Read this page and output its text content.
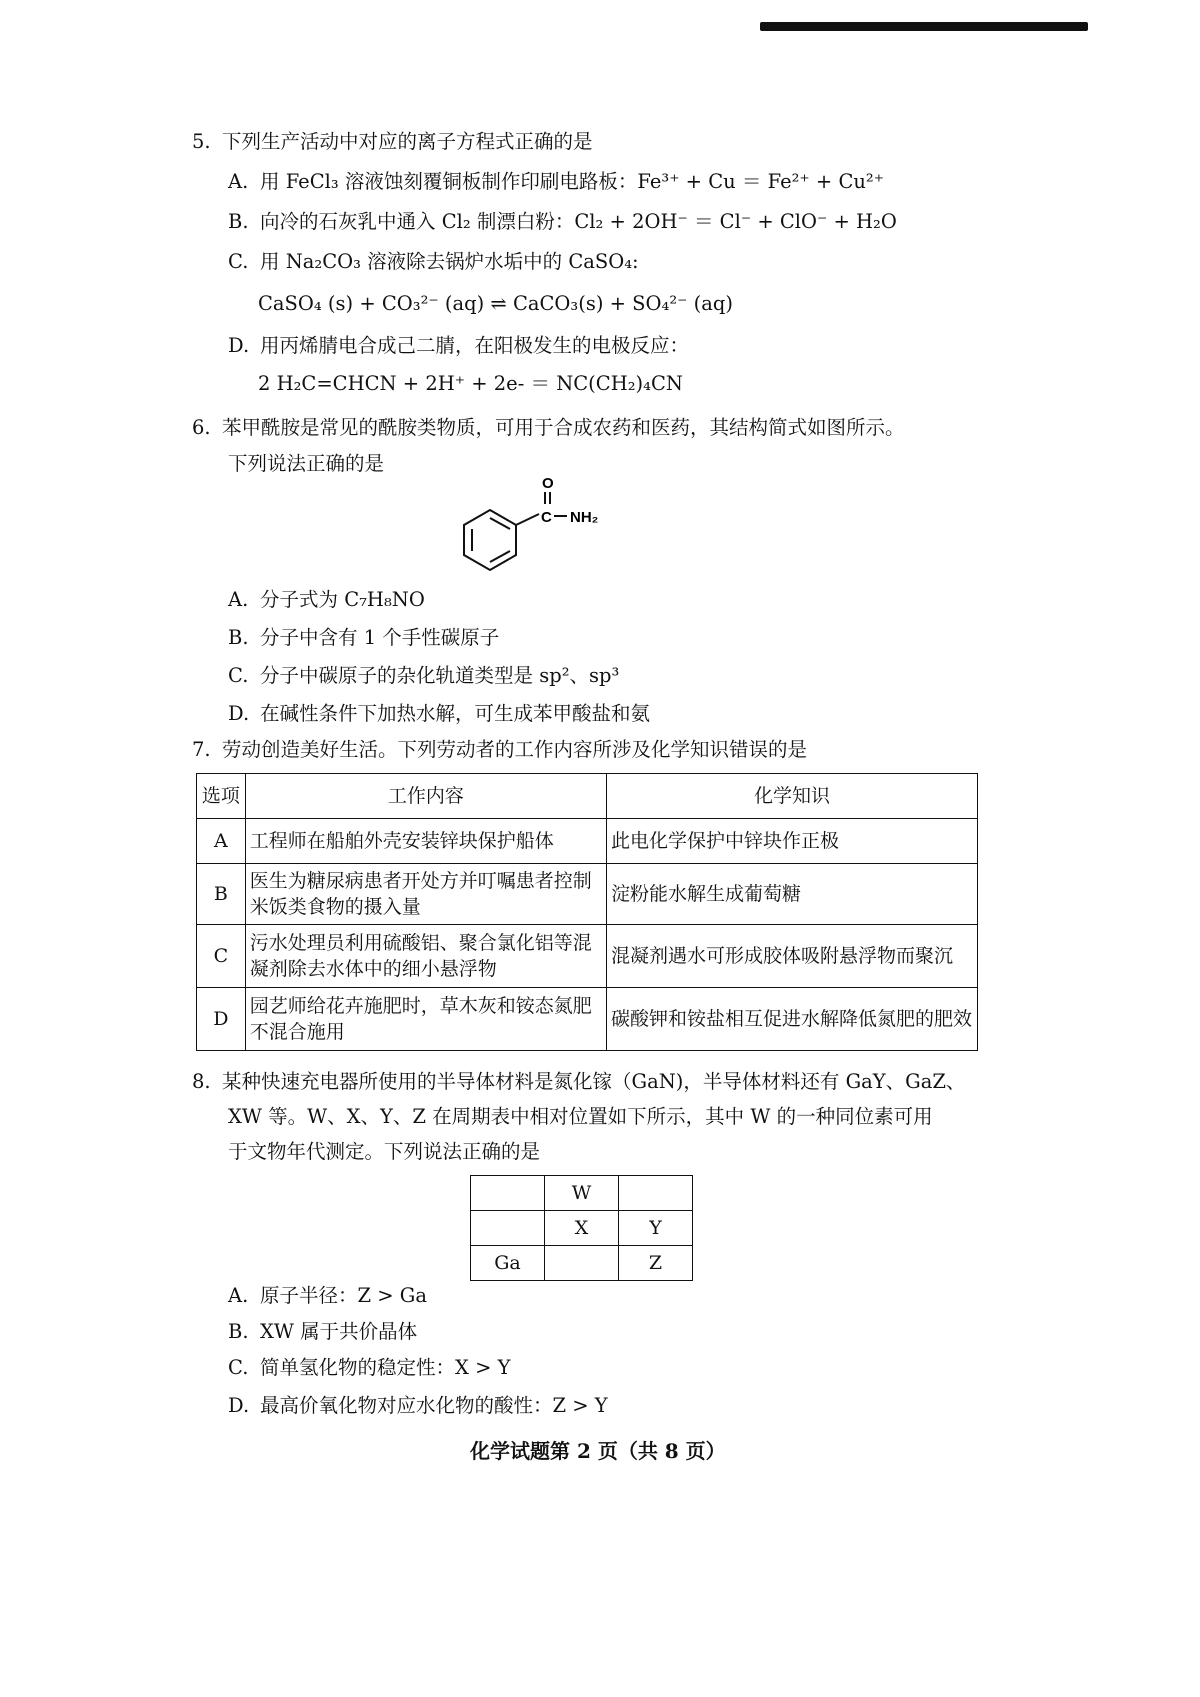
5. 下列生产活动中对应的离子方程式正确的是
A. 用 FeCl₃ 溶液蚀刻覆铜板制作印刷电路板：Fe³⁺ + Cu ＝ Fe²⁺ + Cu²⁺
B. 向冷的石灰乳中通入 Cl₂ 制漂白粉：Cl₂ + 2OH⁻ ＝ Cl⁻ + ClO⁻ + H₂O
C. 用 Na₂CO₃ 溶液除去锅炉水垢中的 CaSO₄:
CaSO₄ (s) + CO₃²⁻ (aq) ⇌ CaCO₃(s) + SO₄²⁻ (aq)
D. 用丙烯腈电合成己二腈，在阳极发生的电极反应：
2 H₂C=CHCN + 2H⁺ + 2e- ＝ NC(CH₂)₄CN
6. 苯甲酰胺是常见的酰胺类物质，可用于合成农药和医药，其结构简式如图所示。
下列说法正确的是
O
C NH₂
A. 分子式为 C₇H₈NO
B. 分子中含有 1 个手性碳原子
C. 分子中碳原子的杂化轨道类型是 sp²、sp³
D. 在碱性条件下加热水解，可生成苯甲酸盐和氨
7. 劳动创造美好生活。下列劳动者的工作内容所涉及化学知识错误的是
选项	工作内容	化学知识
A	工程师在船舶外壳安装锌块保护船体	此电化学保护中锌块作正极
B	医生为糖尿病患者开处方并叮嘱患者控制米饭类食物的摄入量	淀粉能水解生成葡萄糖
C	污水处理员利用硫酸铝、聚合氯化铝等混凝剂除去水体中的细小悬浮物	混凝剂遇水可形成胶体吸附悬浮物而聚沉
D	园艺师给花卉施肥时，草木灰和铵态氮肥不混合施用	碳酸钾和铵盐相互促进水解降低氮肥的肥效
8. 某种快速充电器所使用的半导体材料是氮化镓（GaN)，半导体材料还有 GaY、GaZ、
XW 等。W、X、Y、Z 在周期表中相对位置如下所示，其中 W 的一种同位素可用
于文物年代测定。下列说法正确的是
	W	
	X	Y
Ga		Z
A. 原子半径：Z > Ga
B. XW 属于共价晶体
C. 简单氢化物的稳定性：X > Y
D. 最高价氧化物对应水化物的酸性：Z > Y
化学试题第 2 页（共 8 页）
